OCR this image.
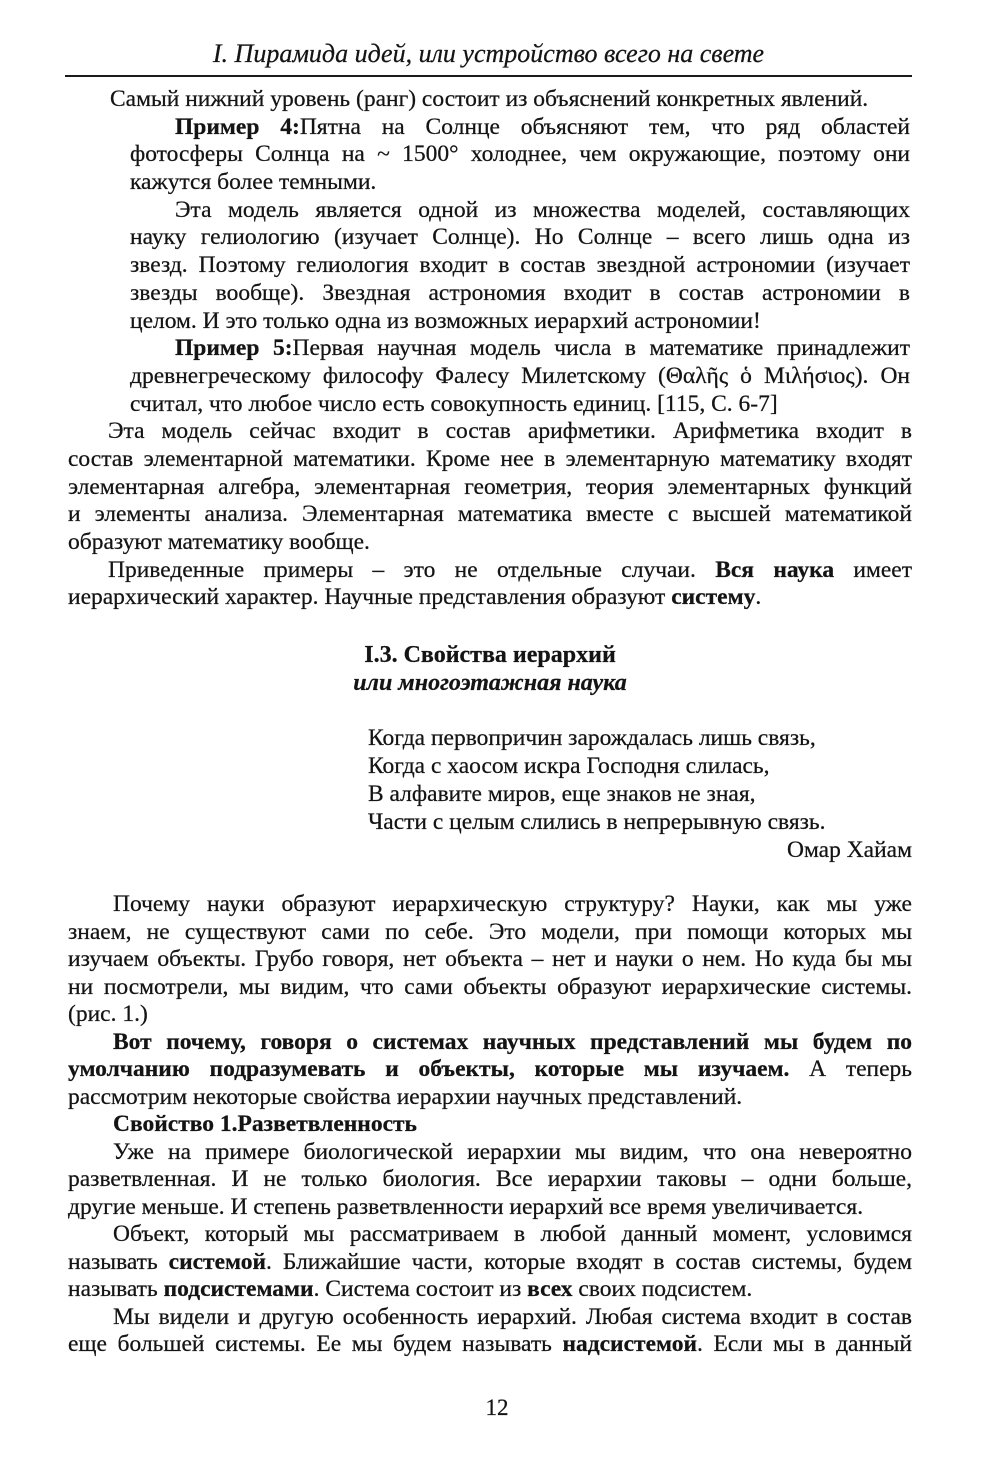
I. Пирамида идей, или устройство всего на свете
Самый нижний уровень (ранг) состоит из объяснений конкретных явлений.
Пример 4:Пятна на Солнце объясняют тем, что ряд областей
фотосферы Солнца на ~ 1500° холоднее, чем окружающие, поэтому они
кажутся более темными.
Эта модель является одной из множества моделей, составляющих
науку гелиологию (изучает Солнце). Но Солнце – всего лишь одна из
звезд. Поэтому гелиология входит в состав звездной астрономии (изучает
звезды вообще). Звездная астрономия входит в состав астрономии в
целом. И это только одна из возможных иерархий астрономии!
Пример 5:Первая научная модель числа в математике принадлежит
древнегреческому философу Фалесу Милетскому (Θαλῆς ὁ Μιλήσιος). Он
считал, что любое число есть совокупность единиц. [115, С. 6-7]
Эта модель сейчас входит в состав арифметики. Арифметика входит в
состав элементарной математики. Кроме нее в элементарную математику входят
элементарная алгебра, элементарная геометрия, теория элементарных функций
и элементы анализа. Элементарная математика вместе с высшей математикой
образуют математику вообще.
Приведенные примеры – это не отдельные случаи. Вся наука имеет
иерархический характер. Научные представления образуют систему.
I.3. Свойства иерархий
или многоэтажная наука
Когда первопричин зарождалась лишь связь,
Когда с хаосом искра Господня слилась,
В алфавите миров, еще знаков не зная,
Части с целым слились в непрерывную связь.
Омар Хайам
Почему науки образуют иерархическую структуру? Науки, как мы уже
знаем, не существуют сами по себе. Это модели, при помощи которых мы
изучаем объекты. Грубо говоря, нет объекта – нет и науки о нем. Но куда бы мы
ни посмотрели, мы видим, что сами объекты образуют иерархические системы.
(рис. 1.)
Вот почему, говоря о системах научных представлений мы будем по
умолчанию подразумевать и объекты, которые мы изучаем. А теперь
рассмотрим некоторые свойства иерархии научных представлений.
Свойство 1.Разветвленность
Уже на примере биологической иерархии мы видим, что она невероятно
разветвленная. И не только биология. Все иерархии таковы – одни больше,
другие меньше. И степень разветвленности иерархий все время увеличивается.
Объект, который мы рассматриваем в любой данный момент, условимся
называть системой. Ближайшие части, которые входят в состав системы, будем
называть подсистемами. Система состоит из всех своих подсистем.
Мы видели и другую особенность иерархий. Любая система входит в состав
еще большей системы. Ее мы будем называть надсистемой. Если мы в данный
12
